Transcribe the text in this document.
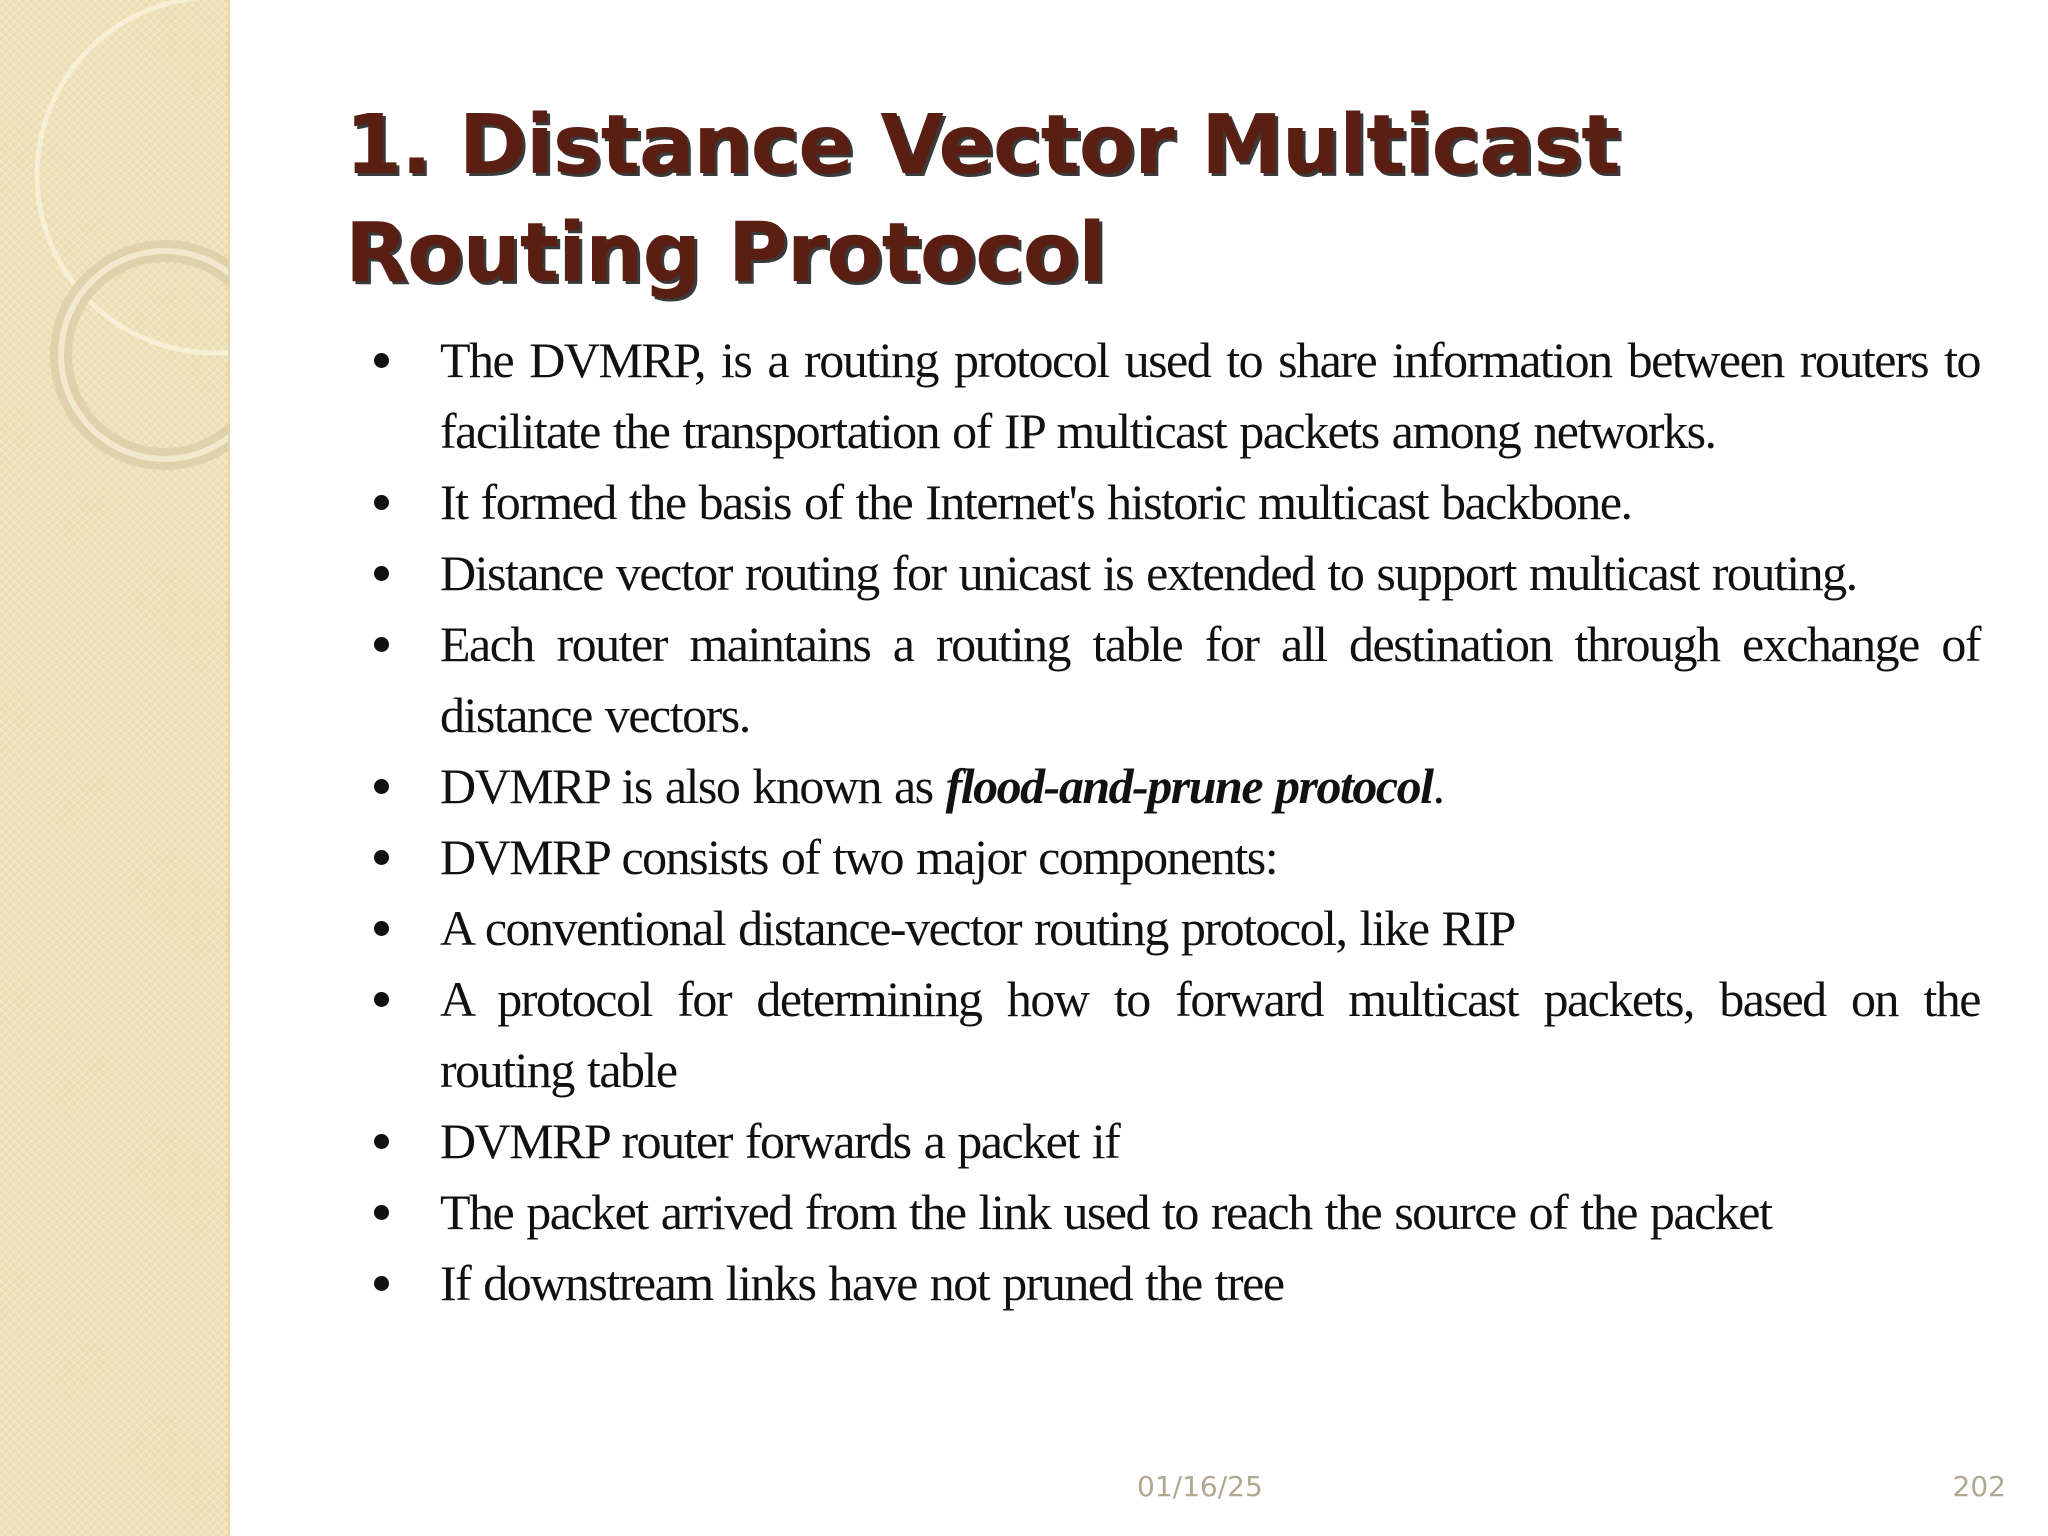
1. Distance Vector Multicast Routing Protocol
The DVMRP, is a routing protocol used to share information between routers to facilitate the transportation of IP multicast packets among networks.
It formed the basis of the Internet's historic multicast backbone.
Distance vector routing for unicast is extended to support multicast routing.
Each router maintains a routing table for all destination through exchange of distance vectors.
DVMRP is also known as flood-and-prune protocol.
DVMRP consists of two major components:
A conventional distance-vector routing protocol, like RIP
A protocol for determining how to forward multicast packets, based on the routing table
DVMRP router forwards a packet if
The packet arrived from the link used to reach the source of the packet
If downstream links have not pruned the tree
01/16/25	202
